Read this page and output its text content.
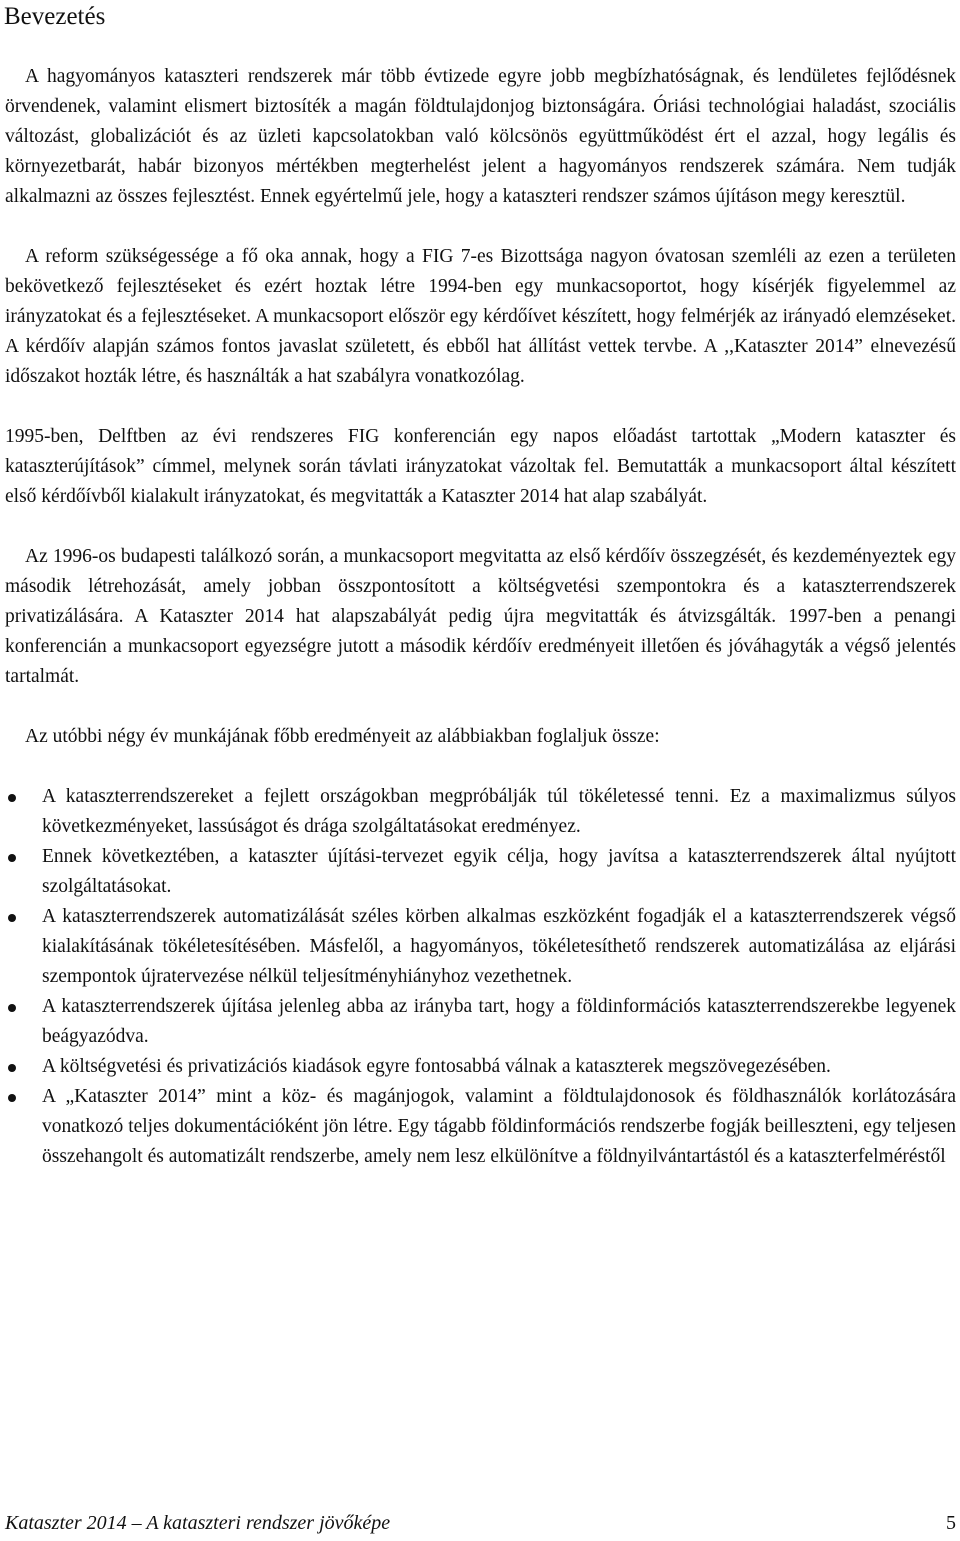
Bevezetés

A hagyományos kataszteri rendszerek már több évtizede egyre jobb megbízhatóságnak, és lendületes fejlődésnek örvendenek, valamint elismert biztosíték a magán földtulajdonjog biztonságára. Óriási technológiai haladást, szociális változást, globalizációt és az üzleti kapcsolatokban való kölcsönös együttműködést ért el azzal, hogy legális és környezetbarát, habár bizonyos mértékben megterhelést jelent a hagyományos rendszerek számára. Nem tudják alkalmazni az összes fejlesztést. Ennek egyértelmű jele, hogy a kataszteri rendszer számos újításon megy keresztül.

A reform szükségessége a fő oka annak, hogy a FIG 7-es Bizottsága nagyon óvatosan szemléli az ezen a területen bekövetkező fejlesztéseket és ezért hoztak létre 1994-ben egy munkacsoportot, hogy kísérjék figyelemmel az irányzatokat és a fejlesztéseket. A munkacsoport először egy kérdőívet készített, hogy felmérjék az irányadó elemzéseket. A kérdőív alapján számos fontos javaslat született, és ebből hat állítást vettek tervbe. A ,,Kataszter 2014” elnevezésű időszakot hozták létre, és használták a hat szabályra vonatkozólag.

1995-ben, Delftben az évi rendszeres FIG konferencián egy napos előadást tartottak „Modern kataszter és kataszterújítások” címmel, melynek során távlati irányzatokat vázoltak fel. Bemutatták a munkacsoport által készített első kérdőívből kialakult irányzatokat, és megvitatták a Kataszter 2014 hat alap szabályát.

Az 1996-os budapesti találkozó során, a munkacsoport megvitatta az első kérdőív összegzését, és kezdeményeztek egy második létrehozását, amely jobban összpontosított a költségvetési szempontokra és a kataszterrendszerek privatizálására. A Kataszter 2014 hat alapszabályát pedig újra megvitatták és átvizsgálták. 1997-ben a penangi konferencián a munkacsoport egyezségre jutott a második kérdőív eredményeit illetően és jóváhagyták a végső jelentés tartalmát.

Az utóbbi négy év munkájának főbb eredményeit az alábbiakban foglaljuk össze:

A kataszterrendszereket a fejlett országokban megpróbálják túl tökéletessé tenni. Ez a maximalizmus súlyos következményeket, lassúságot és drága szolgáltatásokat eredményez.
Ennek következtében, a kataszter újítási-tervezet egyik célja, hogy javítsa a kataszterrendszerek által nyújtott szolgáltatásokat.
A kataszterrendszerek automatizálását széles körben alkalmas eszközként fogadják el a kataszterrendszerek végső kialakításának tökéletesítésében. Másfelől, a hagyományos, tökéletesíthető rendszerek automatizálása az eljárási szempontok újratervezése nélkül teljesítményhiányhoz vezethetnek.
A kataszterrendszerek újítása jelenleg abba az irányba tart, hogy a földinformációs kataszterrendszerekbe legyenek beágyazódva.
A költségvetési és privatizációs kiadások egyre fontosabbá válnak a kataszterek megszövegezésében.
A „Kataszter 2014” mint a köz- és magánjogok, valamint a földtulajdonosok és földhasználók korlátozására vonatkozó teljes dokumentációként jön létre. Egy tágabb földinformációs rendszerbe fogják beilleszteni, egy teljesen összehangolt és automatizált rendszerbe, amely nem lesz elkülönítve a földnyilvántartástól és a kataszterfelméréstől
Kataszter 2014 – A kataszteri rendszer jövőképe	5
